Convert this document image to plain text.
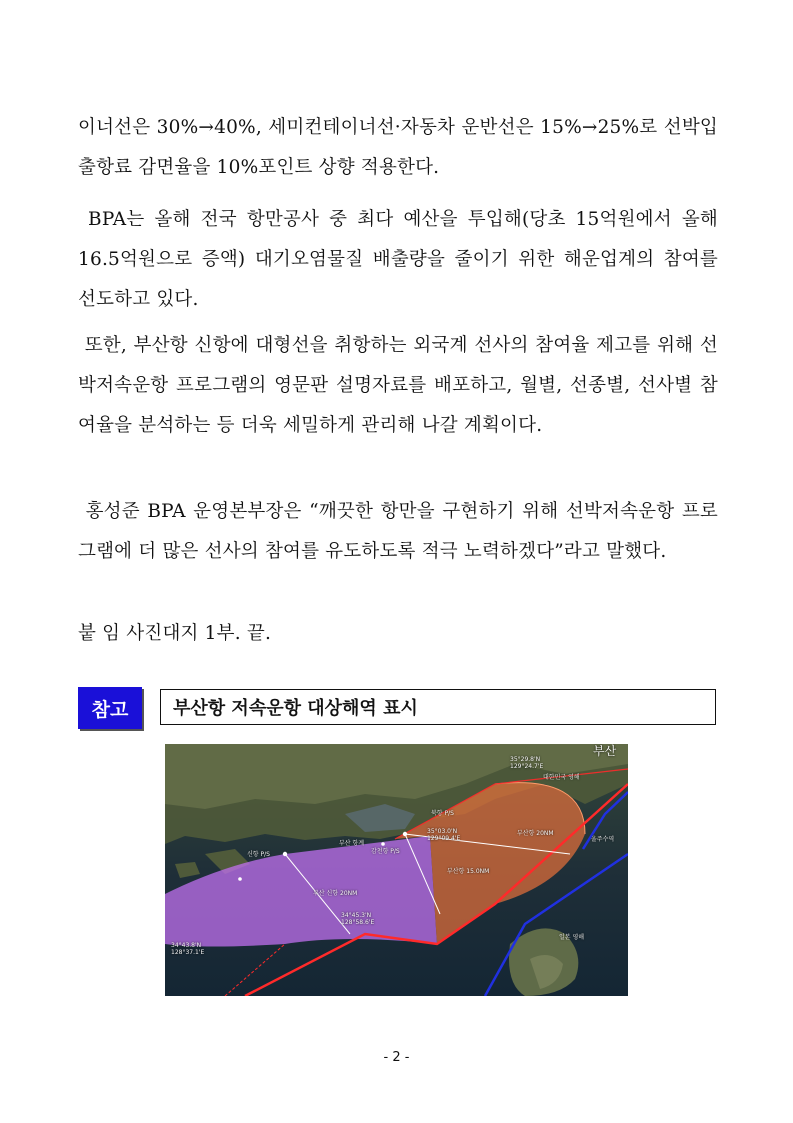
이너선은 30%→40%, 세미컨테이너선·자동차 운반선은 15%→25%로 선박입출항료 감면율을 10%포인트 상향 적용한다.
BPA는 올해 전국 항만공사 중 최다 예산을 투입해(당초 15억원에서 올해 16.5억원으로 증액) 대기오염물질 배출량을 줄이기 위한 해운업계의 참여를 선도하고 있다.
또한, 부산항 신항에 대형선을 취항하는 외국계 선사의 참여율 제고를 위해 선박저속운항 프로그램의 영문판 설명자료를 배포하고, 월별, 선종별, 선사별 참여율을 분석하는 등 더욱 세밀하게 관리해 나갈 계획이다.
홍성준 BPA 운영본부장은 “깨끗한 항만을 구현하기 위해 선박저속운항 프로그램에 더 많은 선사의 참여를 유도하도록 적극 노력하겠다”라고 말했다.
붙 임 사진대지 1부. 끝.
참고	부산항 저속운항 대상해역 표시
부산
35°29.8'N
129°24.7'E
대한민국 영해
울주수역
35°03.0'N
129°09.4'E
북항 P/S
부산 항계
감천항 P/S
신항 P/S
부산 신항 20NM
부산항 20NM
부산항 15.0NM
34°45.3'N
128°58.6'E
34°43.8'N
128°37.1'E
일본 영해
- 2 -
